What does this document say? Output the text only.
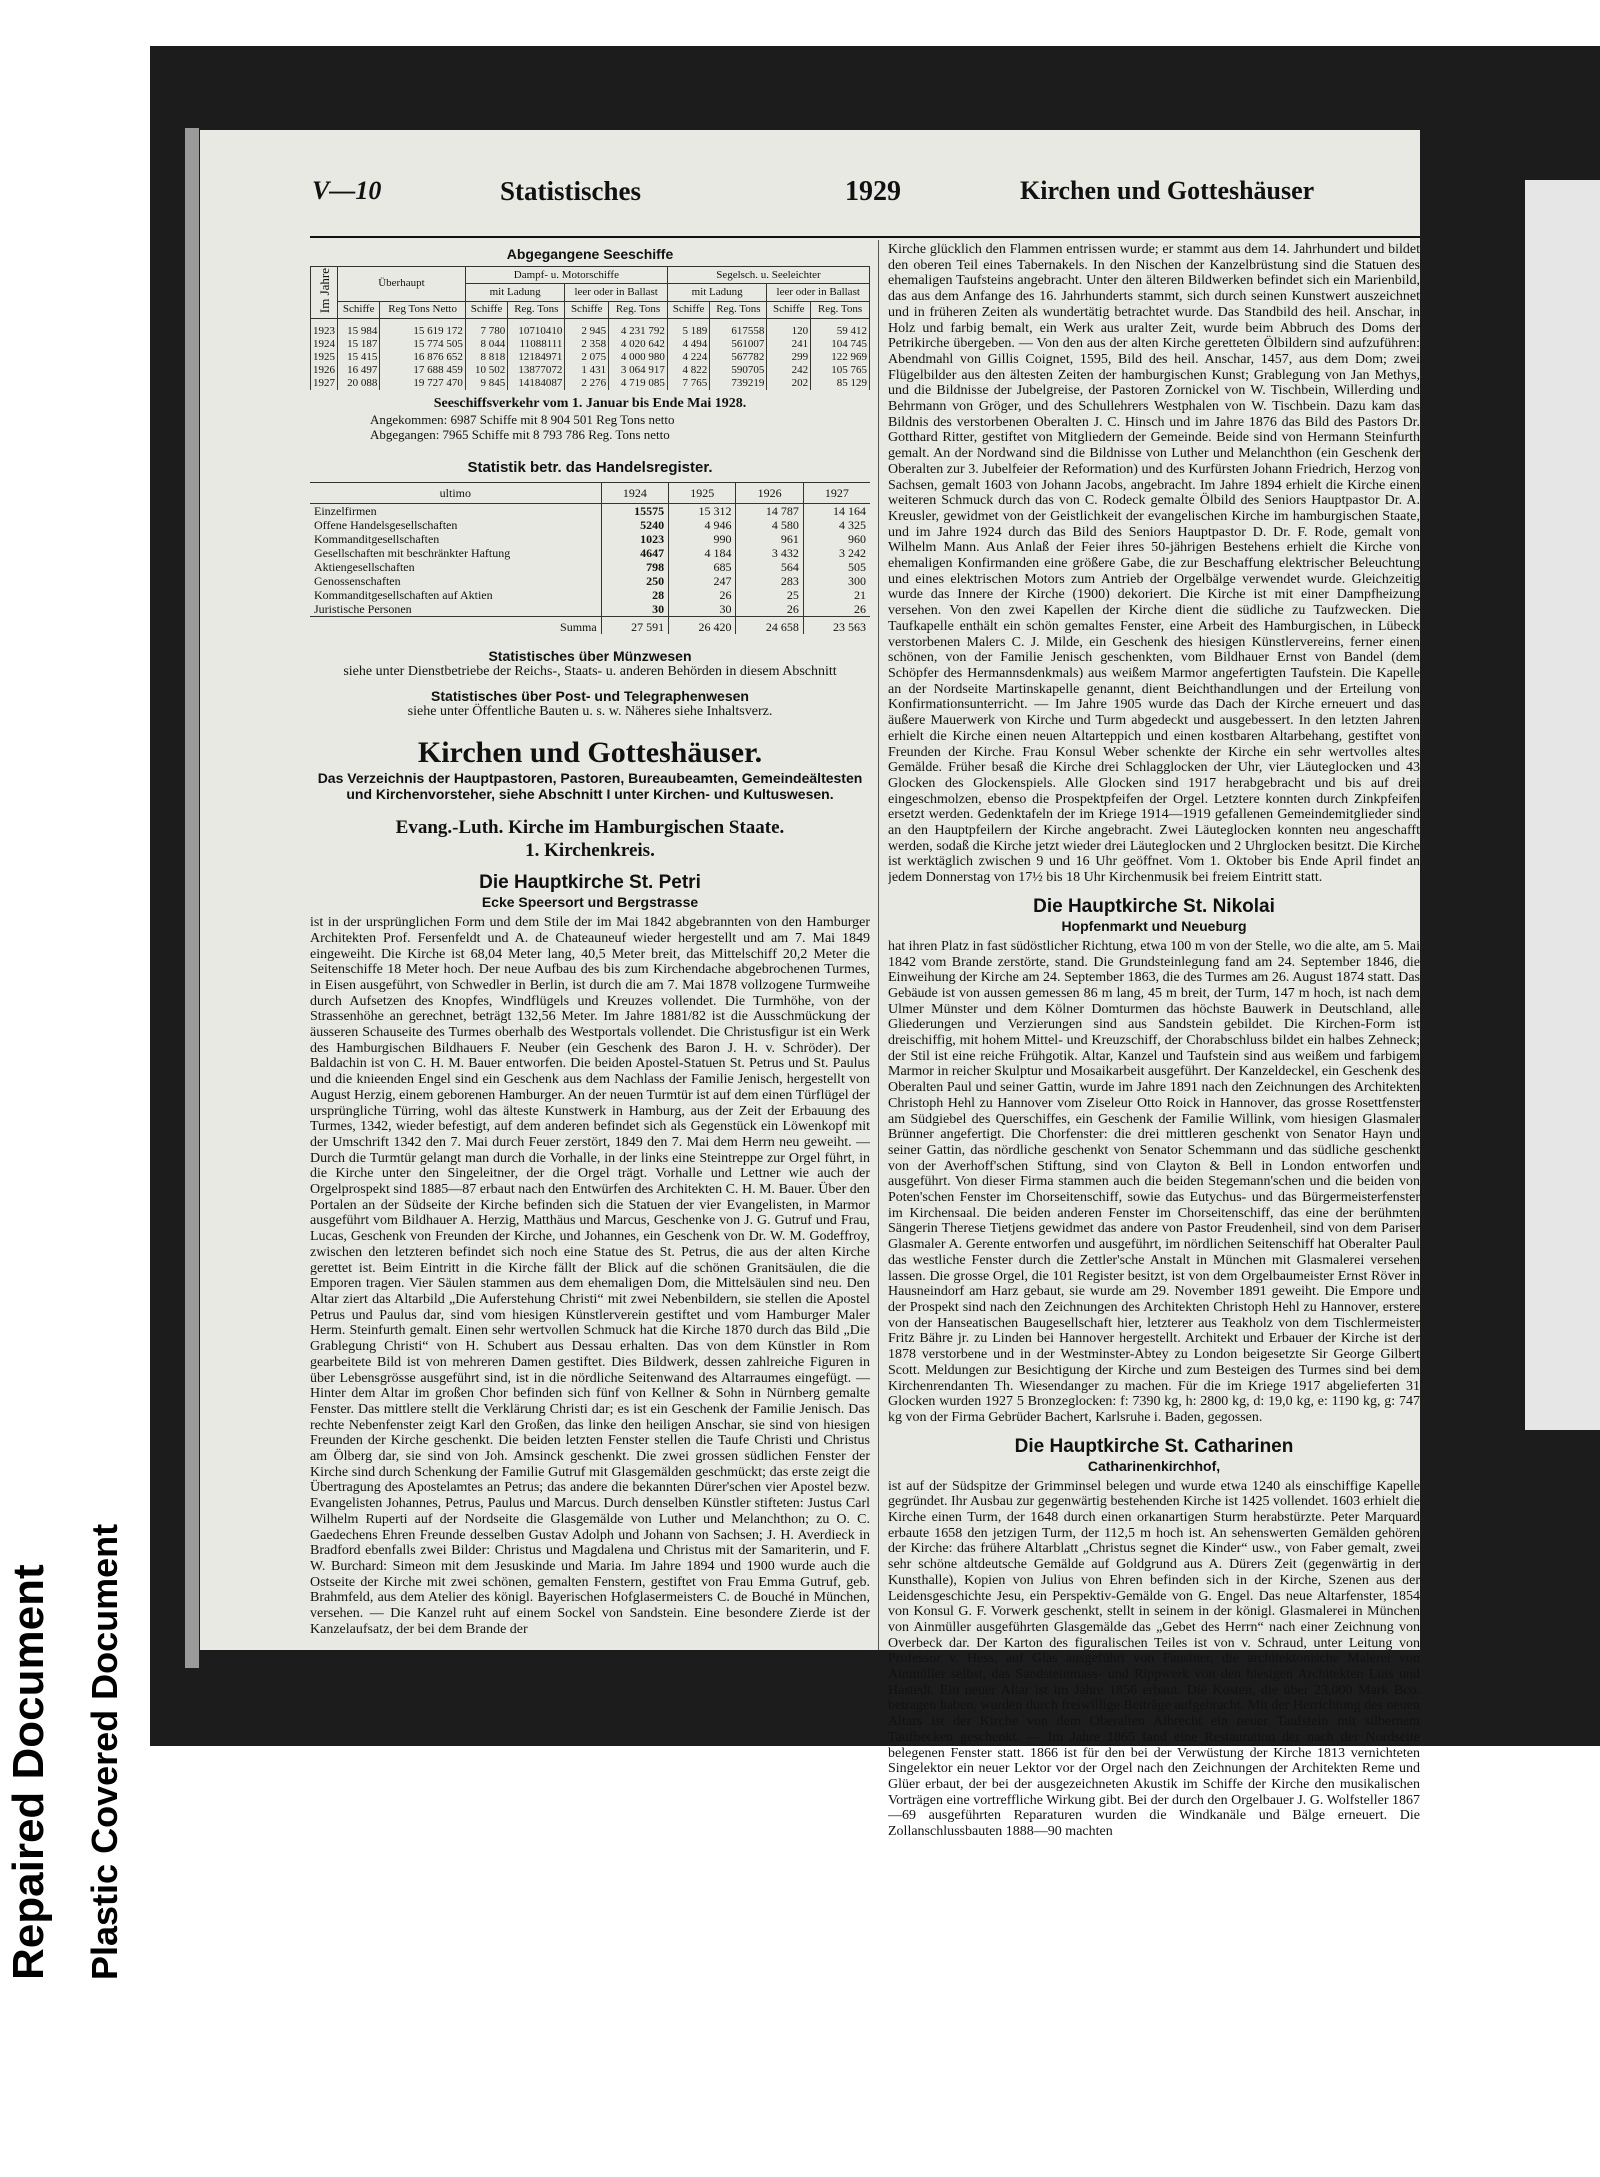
Repaired Document Plastic Covered Document
V—10	Statistisches	1929	Kirchen und Gotteshäuser
Abgegangene Seeschiffe
Im Jahre	Überhaupt		Dampf- u. Motorschiffe				Segelsch. u. Seeleichter			
			mit Ladung		leer oder in Ballast		mit Ladung		leer oder in Ballast	
	Schiffe	Reg Tons Netto	Schiffe	Reg. Tons	Schiffe	Reg. Tons	Schiffe	Reg. Tons	Schiffe	Reg. Tons
1923	15 984	15 619 172	7 780	10710410	2 945	4 231 792	5 189	617558	120	59 412
1924	15 187	15 774 505	8 044	11088111	2 358	4 020 642	4 494	561007	241	104 745
1925	15 415	16 876 652	8 818	12184971	2 075	4 000 980	4 224	567782	299	122 969
1926	16 497	17 688 459	10 502	13877072	1 431	3 064 917	4 822	590705	242	105 765
1927	20 088	19 727 470	9 845	14184087	2 276	4 719 085	7 765	739219	202	85 129
Seeschiffsverkehr vom 1. Januar bis Ende Mai 1928.
Angekommen: 6987 Schiffe mit 8 904 501 Reg Tons netto
Abgegangen: 7965 Schiffe mit 8 793 786 Reg. Tons netto
Statistik betr. das Handelsregister.
ultimo	1924	1925	1926	1927
Einzelfirmen	15575	15 312	14 787	14 164
Offene Handelsgesellschaften	5240	4 946	4 580	4 325
Kommanditgesellschaften	1023	990	961	960
Gesellschaften mit beschränkter Haftung	4647	4 184	3 432	3 242
Aktiengesellschaften	798	685	564	505
Genossenschaften	250	247	283	300
Kommanditgesellschaften auf Aktien	28	26	25	21
Juristische Personen	30	30	26	26
Summa	27 591	26 420	24 658	23 563
Statistisches über Münzwesen
siehe unter Dienstbetriebe der Reichs-, Staats- u. anderen Behörden in diesem Abschnitt
Statistisches über Post- und Telegraphenwesen
siehe unter Öffentliche Bauten u. s. w. Näheres siehe Inhaltsverz.
Kirchen und Gotteshäuser.
Das Verzeichnis der Hauptpastoren, Pastoren, Bureaubeamten, Gemeindeältesten und Kirchenvorsteher, siehe Abschnitt I unter Kirchen- und Kultuswesen.
Evang.-Luth. Kirche im Hamburgischen Staate.
1. Kirchenkreis.
Die Hauptkirche St. Petri
Ecke Speersort und Bergstrasse
ist in der ursprünglichen Form und dem Stile der im Mai 1842 abgebrannten von den Hamburger Architekten Prof. Fersenfeldt und A. de Chateauneuf wieder hergestellt und am 7. Mai 1849 eingeweiht. Die Kirche ist 68,04 Meter lang, 40,5 Meter breit, das Mittelschiff 20,2 Meter die Seitenschiffe 18 Meter hoch. Der neue Aufbau des bis zum Kirchendache abgebrochenen Turmes, in Eisen ausgeführt, von Schwedler in Berlin, ist durch die am 7. Mai 1878 vollzogene Turmweihe durch Aufsetzen des Knopfes, Windflügels und Kreuzes vollendet. Die Turmhöhe, von der Strassenhöhe an gerechnet, beträgt 132,56 Meter. Im Jahre 1881/82 ist die Ausschmückung der äusseren Schauseite des Turmes oberhalb des Westportals vollendet. Die Christusfigur ist ein Werk des Hamburgischen Bildhauers F. Neuber (ein Geschenk des Baron J. H. v. Schröder). Der Baldachin ist von C. H. M. Bauer entworfen. Die beiden Apostel-Statuen St. Petrus und St. Paulus und die knieenden Engel sind ein Geschenk aus dem Nachlass der Familie Jenisch, hergestellt von August Herzig, einem geborenen Hamburger. An der neuen Turmtür ist auf dem einen Türflügel der ursprüngliche Türring, wohl das älteste Kunstwerk in Hamburg, aus der Zeit der Erbauung des Turmes, 1342, wieder befestigt, auf dem anderen befindet sich als Gegenstück ein Löwenkopf mit der Umschrift 1342 den 7. Mai durch Feuer zerstört, 1849 den 7. Mai dem Herrn neu geweiht. — Durch die Turmtür gelangt man durch die Vorhalle, in der links eine Steintreppe zur Orgel führt, in die Kirche unter den Singeleitner, der die Orgel trägt. Vorhalle und Lettner wie auch der Orgelprospekt sind 1885—87 erbaut nach den Entwürfen des Architekten C. H. M. Bauer. Über den Portalen an der Südseite der Kirche befinden sich die Statuen der vier Evangelisten, in Marmor ausgeführt vom Bildhauer A. Herzig, Matthäus und Marcus, Geschenke von J. G. Gutruf und Frau, Lucas, Geschenk von Freunden der Kirche, und Johannes, ein Geschenk von Dr. W. M. Godeffroy, zwischen den letzteren befindet sich noch eine Statue des St. Petrus, die aus der alten Kirche gerettet ist. Beim Eintritt in die Kirche fällt der Blick auf die schönen Granitsäulen, die die Emporen tragen. Vier Säulen stammen aus dem ehemaligen Dom, die Mittelsäulen sind neu. Den Altar ziert das Altarbild „Die Auferstehung Christi“ mit zwei Nebenbildern, sie stellen die Apostel Petrus und Paulus dar, sind vom hiesigen Künstlerverein gestiftet und vom Hamburger Maler Herm. Steinfurth gemalt. Einen sehr wertvollen Schmuck hat die Kirche 1870 durch das Bild „Die Grablegung Christi“ von H. Schubert aus Dessau erhalten. Das von dem Künstler in Rom gearbeitete Bild ist von mehreren Damen gestiftet. Dies Bildwerk, dessen zahlreiche Figuren in über Lebensgrösse ausgeführt sind, ist in die nördliche Seitenwand des Altarraumes eingefügt. — Hinter dem Altar im großen Chor befinden sich fünf von Kellner & Sohn in Nürnberg gemalte Fenster. Das mittlere stellt die Verklärung Christi dar; es ist ein Geschenk der Familie Jenisch. Das rechte Nebenfenster zeigt Karl den Großen, das linke den heiligen Anschar, sie sind von hiesigen Freunden der Kirche geschenkt. Die beiden letzten Fenster stellen die Taufe Christi und Christus am Ölberg dar, sie sind von Joh. Amsinck geschenkt. Die zwei grossen südlichen Fenster der Kirche sind durch Schenkung der Familie Gutruf mit Glasgemälden geschmückt; das erste zeigt die Übertragung des Apostelamtes an Petrus; das andere die bekannten Dürer'schen vier Apostel bezw. Evangelisten Johannes, Petrus, Paulus und Marcus. Durch denselben Künstler stifteten: Justus Carl Wilhelm Ruperti auf der Nordseite die Glasgemälde von Luther und Melanchthon; zu O. C. Gaedechens Ehren Freunde desselben Gustav Adolph und Johann von Sachsen; J. H. Averdieck in Bradford ebenfalls zwei Bilder: Christus und Magdalena und Christus mit der Samariterin, und F. W. Burchard: Simeon mit dem Jesuskinde und Maria. Im Jahre 1894 und 1900 wurde auch die Ostseite der Kirche mit zwei schönen, gemalten Fenstern, gestiftet von Frau Emma Gutruf, geb. Brahmfeld, aus dem Atelier des königl. Bayerischen Hofglasermeisters C. de Bouché in München, versehen. — Die Kanzel ruht auf einem Sockel von Sandstein. Eine besondere Zierde ist der Kanzelaufsatz, der bei dem Brande der
Kirche glücklich den Flammen entrissen wurde; er stammt aus dem 14. Jahrhundert und bildet den oberen Teil eines Tabernakels. In den Nischen der Kanzelbrüstung sind die Statuen des ehemaligen Taufsteins angebracht. Unter den älteren Bildwerken befindet sich ein Marienbild, das aus dem Anfange des 16. Jahrhunderts stammt, sich durch seinen Kunstwert auszeichnet und in früheren Zeiten als wundertätig betrachtet wurde. Das Standbild des heil. Anschar, in Holz und farbig bemalt, ein Werk aus uralter Zeit, wurde beim Abbruch des Doms der Petrikirche übergeben. — Von den aus der alten Kirche geretteten Ölbildern sind aufzuführen: Abendmahl von Gillis Coignet, 1595, Bild des heil. Anschar, 1457, aus dem Dom; zwei Flügelbilder aus den ältesten Zeiten der hamburgischen Kunst; Grablegung von Jan Methys, und die Bildnisse der Jubelgreise, der Pastoren Zornickel von W. Tischbein, Willerding und Behrmann von Gröger, und des Schullehrers Westphalen von W. Tischbein. Dazu kam das Bildnis des verstorbenen Oberalten J. C. Hinsch und im Jahre 1876 das Bild des Pastors Dr. Gotthard Ritter, gestiftet von Mitgliedern der Gemeinde. Beide sind von Hermann Steinfurth gemalt. An der Nordwand sind die Bildnisse von Luther und Melanchthon (ein Geschenk der Oberalten zur 3. Jubelfeier der Reformation) und des Kurfürsten Johann Friedrich, Herzog von Sachsen, gemalt 1603 von Johann Jacobs, angebracht. Im Jahre 1894 erhielt die Kirche einen weiteren Schmuck durch das von C. Rodeck gemalte Ölbild des Seniors Hauptpastor Dr. A. Kreusler, gewidmet von der Geistlichkeit der evangelischen Kirche im hamburgischen Staate, und im Jahre 1924 durch das Bild des Seniors Hauptpastor D. Dr. F. Rode, gemalt von Wilhelm Mann. Aus Anlaß der Feier ihres 50-jährigen Bestehens erhielt die Kirche von ehemaligen Konfirmanden eine größere Gabe, die zur Beschaffung elektrischer Beleuchtung und eines elektrischen Motors zum Antrieb der Orgelbälge verwendet wurde. Gleichzeitig wurde das Innere der Kirche (1900) dekoriert. Die Kirche ist mit einer Dampfheizung versehen. Von den zwei Kapellen der Kirche dient die südliche zu Taufzwecken. Die Taufkapelle enthält ein schön gemaltes Fenster, eine Arbeit des Hamburgischen, in Lübeck verstorbenen Malers C. J. Milde, ein Geschenk des hiesigen Künstlervereins, ferner einen schönen, von der Familie Jenisch geschenkten, vom Bildhauer Ernst von Bandel (dem Schöpfer des Hermannsdenkmals) aus weißem Marmor angefertigten Taufstein. Die Kapelle an der Nordseite Martinskapelle genannt, dient Beichthandlungen und der Erteilung von Konfirmationsunterricht. — Im Jahre 1905 wurde das Dach der Kirche erneuert und das äußere Mauerwerk von Kirche und Turm abgedeckt und ausgebessert. In den letzten Jahren erhielt die Kirche einen neuen Altarteppich und einen kostbaren Altarbehang, gestiftet von Freunden der Kirche. Frau Konsul Weber schenkte der Kirche ein sehr wertvolles altes Gemälde. Früher besaß die Kirche drei Schlagglocken der Uhr, vier Läuteglocken und 43 Glocken des Glockenspiels. Alle Glocken sind 1917 herabgebracht und bis auf drei eingeschmolzen, ebenso die Prospektpfeifen der Orgel. Letztere konnten durch Zinkpfeifen ersetzt werden. Gedenktafeln der im Kriege 1914—1919 gefallenen Gemeindemitglieder sind an den Hauptpfeilern der Kirche angebracht. Zwei Läuteglocken konnten neu angeschafft werden, sodaß die Kirche jetzt wieder drei Läuteglocken und 2 Uhrglocken besitzt. Die Kirche ist werktäglich zwischen 9 und 16 Uhr geöffnet. Vom 1. Oktober bis Ende April findet an jedem Donnerstag von 17½ bis 18 Uhr Kirchenmusik bei freiem Eintritt statt.
Die Hauptkirche St. Nikolai
Hopfenmarkt und Neueburg
hat ihren Platz in fast südöstlicher Richtung, etwa 100 m von der Stelle, wo die alte, am 5. Mai 1842 vom Brande zerstörte, stand. Die Grundsteinlegung fand am 24. September 1846, die Einweihung der Kirche am 24. September 1863, die des Turmes am 26. August 1874 statt. Das Gebäude ist von aussen gemessen 86 m lang, 45 m breit, der Turm, 147 m hoch, ist nach dem Ulmer Münster und dem Kölner Domturmen das höchste Bauwerk in Deutschland, alle Gliederungen und Verzierungen sind aus Sandstein gebildet. Die Kirchen-Form ist dreischiffig, mit hohem Mittel- und Kreuzschiff, der Chorabschluss bildet ein halbes Zehneck; der Stil ist eine reiche Frühgotik. Altar, Kanzel und Taufstein sind aus weißem und farbigem Marmor in reicher Skulptur und Mosaikarbeit ausgeführt. Der Kanzeldeckel, ein Geschenk des Oberalten Paul und seiner Gattin, wurde im Jahre 1891 nach den Zeichnungen des Architekten Christoph Hehl zu Hannover vom Ziseleur Otto Roick in Hannover, das grosse Rosettfenster am Südgiebel des Querschiffes, ein Geschenk der Familie Willink, vom hiesigen Glasmaler Brünner angefertigt. Die Chorfenster: die drei mittleren geschenkt von Senator Hayn und seiner Gattin, das nördliche geschenkt von Senator Schemmann und das südliche geschenkt von der Averhoff'schen Stiftung, sind von Clayton & Bell in London entworfen und ausgeführt. Von dieser Firma stammen auch die beiden Stegemann'schen und die beiden von Poten'schen Fenster im Chorseitenschiff, sowie das Eutychus- und das Bürgermeisterfenster im Kirchensaal. Die beiden anderen Fenster im Chorseitenschiff, das eine der berühmten Sängerin Therese Tietjens gewidmet das andere von Pastor Freudenheil, sind von dem Pariser Glasmaler A. Gerente entworfen und ausgeführt, im nördlichen Seitenschiff hat Oberalter Paul das westliche Fenster durch die Zettler'sche Anstalt in München mit Glasmalerei versehen lassen. Die grosse Orgel, die 101 Register besitzt, ist von dem Orgelbaumeister Ernst Röver in Hausneindorf am Harz gebaut, sie wurde am 29. November 1891 geweiht. Die Empore und der Prospekt sind nach den Zeichnungen des Architekten Christoph Hehl zu Hannover, erstere von der Hanseatischen Baugesellschaft hier, letzterer aus Teakholz von dem Tischlermeister Fritz Bähre jr. zu Linden bei Hannover hergestellt. Architekt und Erbauer der Kirche ist der 1878 verstorbene und in der Westminster-Abtey zu London beigesetzte Sir George Gilbert Scott. Meldungen zur Besichtigung der Kirche und zum Besteigen des Turmes sind bei dem Kirchenrendanten Th. Wiesendanger zu machen. Für die im Kriege 1917 abgelieferten 31 Glocken wurden 1927 5 Bronzeglocken: f: 7390 kg, h: 2800 kg, d: 19,0 kg, e: 1190 kg, g: 747 kg von der Firma Gebrüder Bachert, Karlsruhe i. Baden, gegossen.
Die Hauptkirche St. Catharinen
Catharinenkirchhof,
ist auf der Südspitze der Grimminsel belegen und wurde etwa 1240 als einschiffige Kapelle gegründet. Ihr Ausbau zur gegenwärtig bestehenden Kirche ist 1425 vollendet. 1603 erhielt die Kirche einen Turm, der 1648 durch einen orkanartigen Sturm herabstürzte. Peter Marquard erbaute 1658 den jetzigen Turm, der 112,5 m hoch ist. An sehenswerten Gemälden gehören der Kirche: das frühere Altarblatt „Christus segnet die Kinder“ usw., von Faber gemalt, zwei sehr schöne altdeutsche Gemälde auf Goldgrund aus A. Dürers Zeit (gegenwärtig in der Kunsthalle), Kopien von Julius von Ehren befinden sich in der Kirche, Szenen aus der Leidensgeschichte Jesu, ein Perspektiv-Gemälde von G. Engel. Das neue Altarfenster, 1854 von Konsul G. F. Vorwerk geschenkt, stellt in seinem in der königl. Glasmalerei in München von Ainmüller ausgeführten Glasgemälde das „Gebet des Herrn“ nach einer Zeichnung von Overbeck dar. Der Karton des figuralischen Teiles ist von v. Schraud, unter Leitung von Professor v. Hess, auf Glas ausgeführt von Faustner, die architektonische Malerei von Ainmüller selbst, das Sandsteinmass- und Rippwerk von den hiesigen Architekten Luis und Hastedt. Ein neuer Altar ist im Jahre 1856 erbaut. Die Kosten, die über 23,000 Mark Bco. betragen haben, wurden durch freiwillige Beiträge aufgebracht. Mit der Herrichtung des neuen Altars ist der Kirche von dem Oberalten Albrecht ein neuer Taufstein mit silbernem Taufbecken geschenkt. — Im Jahre 1865 fand eine Restauration der nach der Nordseite belegenen Fenster statt. 1866 ist für den bei der Verwüstung der Kirche 1813 vernichteten Singelektor ein neuer Lektor vor der Orgel nach den Zeichnungen der Architekten Reme und Glüer erbaut, der bei der ausgezeichneten Akustik im Schiffe der Kirche den musikalischen Vorträgen eine vortreffliche Wirkung gibt. Bei der durch den Orgelbauer J. G. Wolfsteller 1867—69 ausgeführten Reparaturen wurden die Windkanäle und Bälge erneuert. Die Zollanschlussbauten 1888—90 machten
